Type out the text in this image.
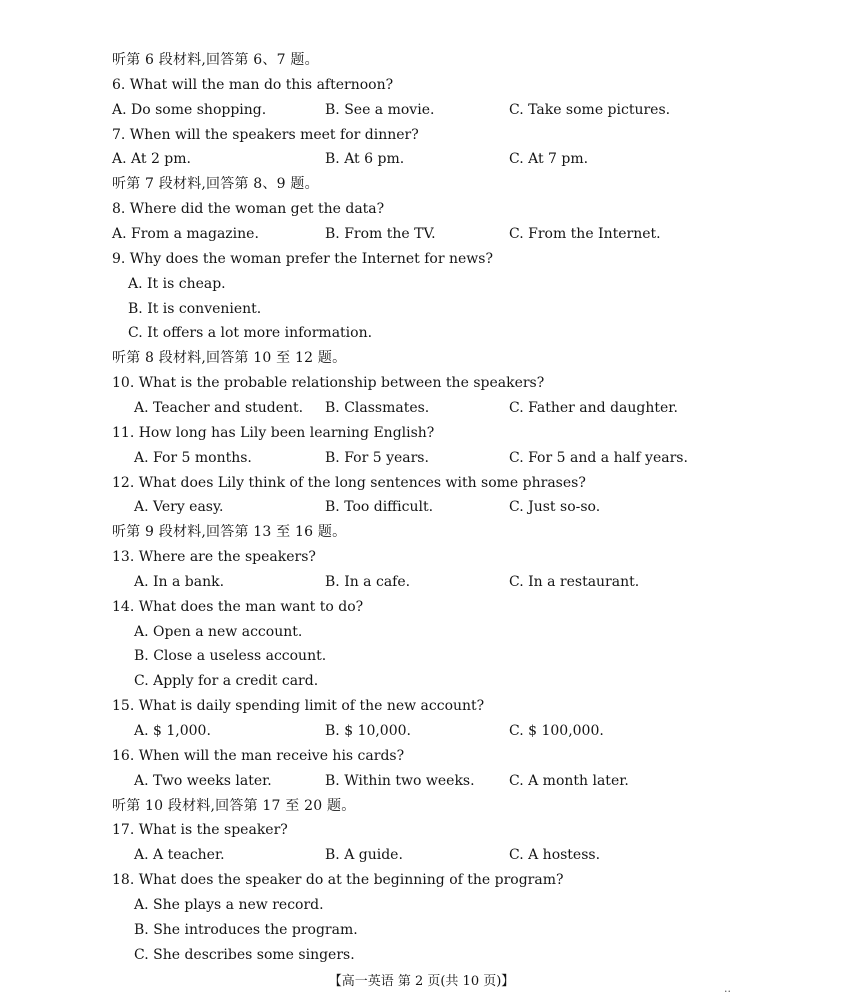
听第 6 段材料,回答第 6、7 题。
6. What will the man do this afternoon?
A. Do some shopping.	B. See a movie.	C. Take some pictures.
7. When will the speakers meet for dinner?
A. At 2 pm.	B. At 6 pm.	C. At 7 pm.
听第 7 段材料,回答第 8、9 题。
8. Where did the woman get the data?
A. From a magazine.	B. From the TV.	C. From the Internet.
9. Why does the woman prefer the Internet for news?
A. It is cheap.
B. It is convenient.
C. It offers a lot more information.
听第 8 段材料,回答第 10 至 12 题。
10. What is the probable relationship between the speakers?
A. Teacher and student. B. Classmates.	C. Father and daughter.
11. How long has Lily been learning English?
A. For 5 months.	B. For 5 years.	C. For 5 and a half years.
12. What does Lily think of the long sentences with some phrases?
A. Very easy.	B. Too difficult.	C. Just so-so.
听第 9 段材料,回答第 13 至 16 题。
13. Where are the speakers?
A. In a bank.	B. In a cafe.	C. In a restaurant.
14. What does the man want to do?
A. Open a new account.
B. Close a useless account.
C. Apply for a credit card.
15. What is daily spending limit of the new account?
A. $ 1,000.	B. $ 10,000.	C. $ 100,000.
16. When will the man receive his cards?
A. Two weeks later.	B. Within two weeks. C. A month later.
听第 10 段材料,回答第 17 至 20 题。
17. What is the speaker?
A. A teacher.	B. A guide.	C. A hostess.
18. What does the speaker do at the beginning of the program?
A. She plays a new record.
B. She introduces the program.
C. She describes some singers.
【高一英语 第 2 页(共 10 页)】
··
